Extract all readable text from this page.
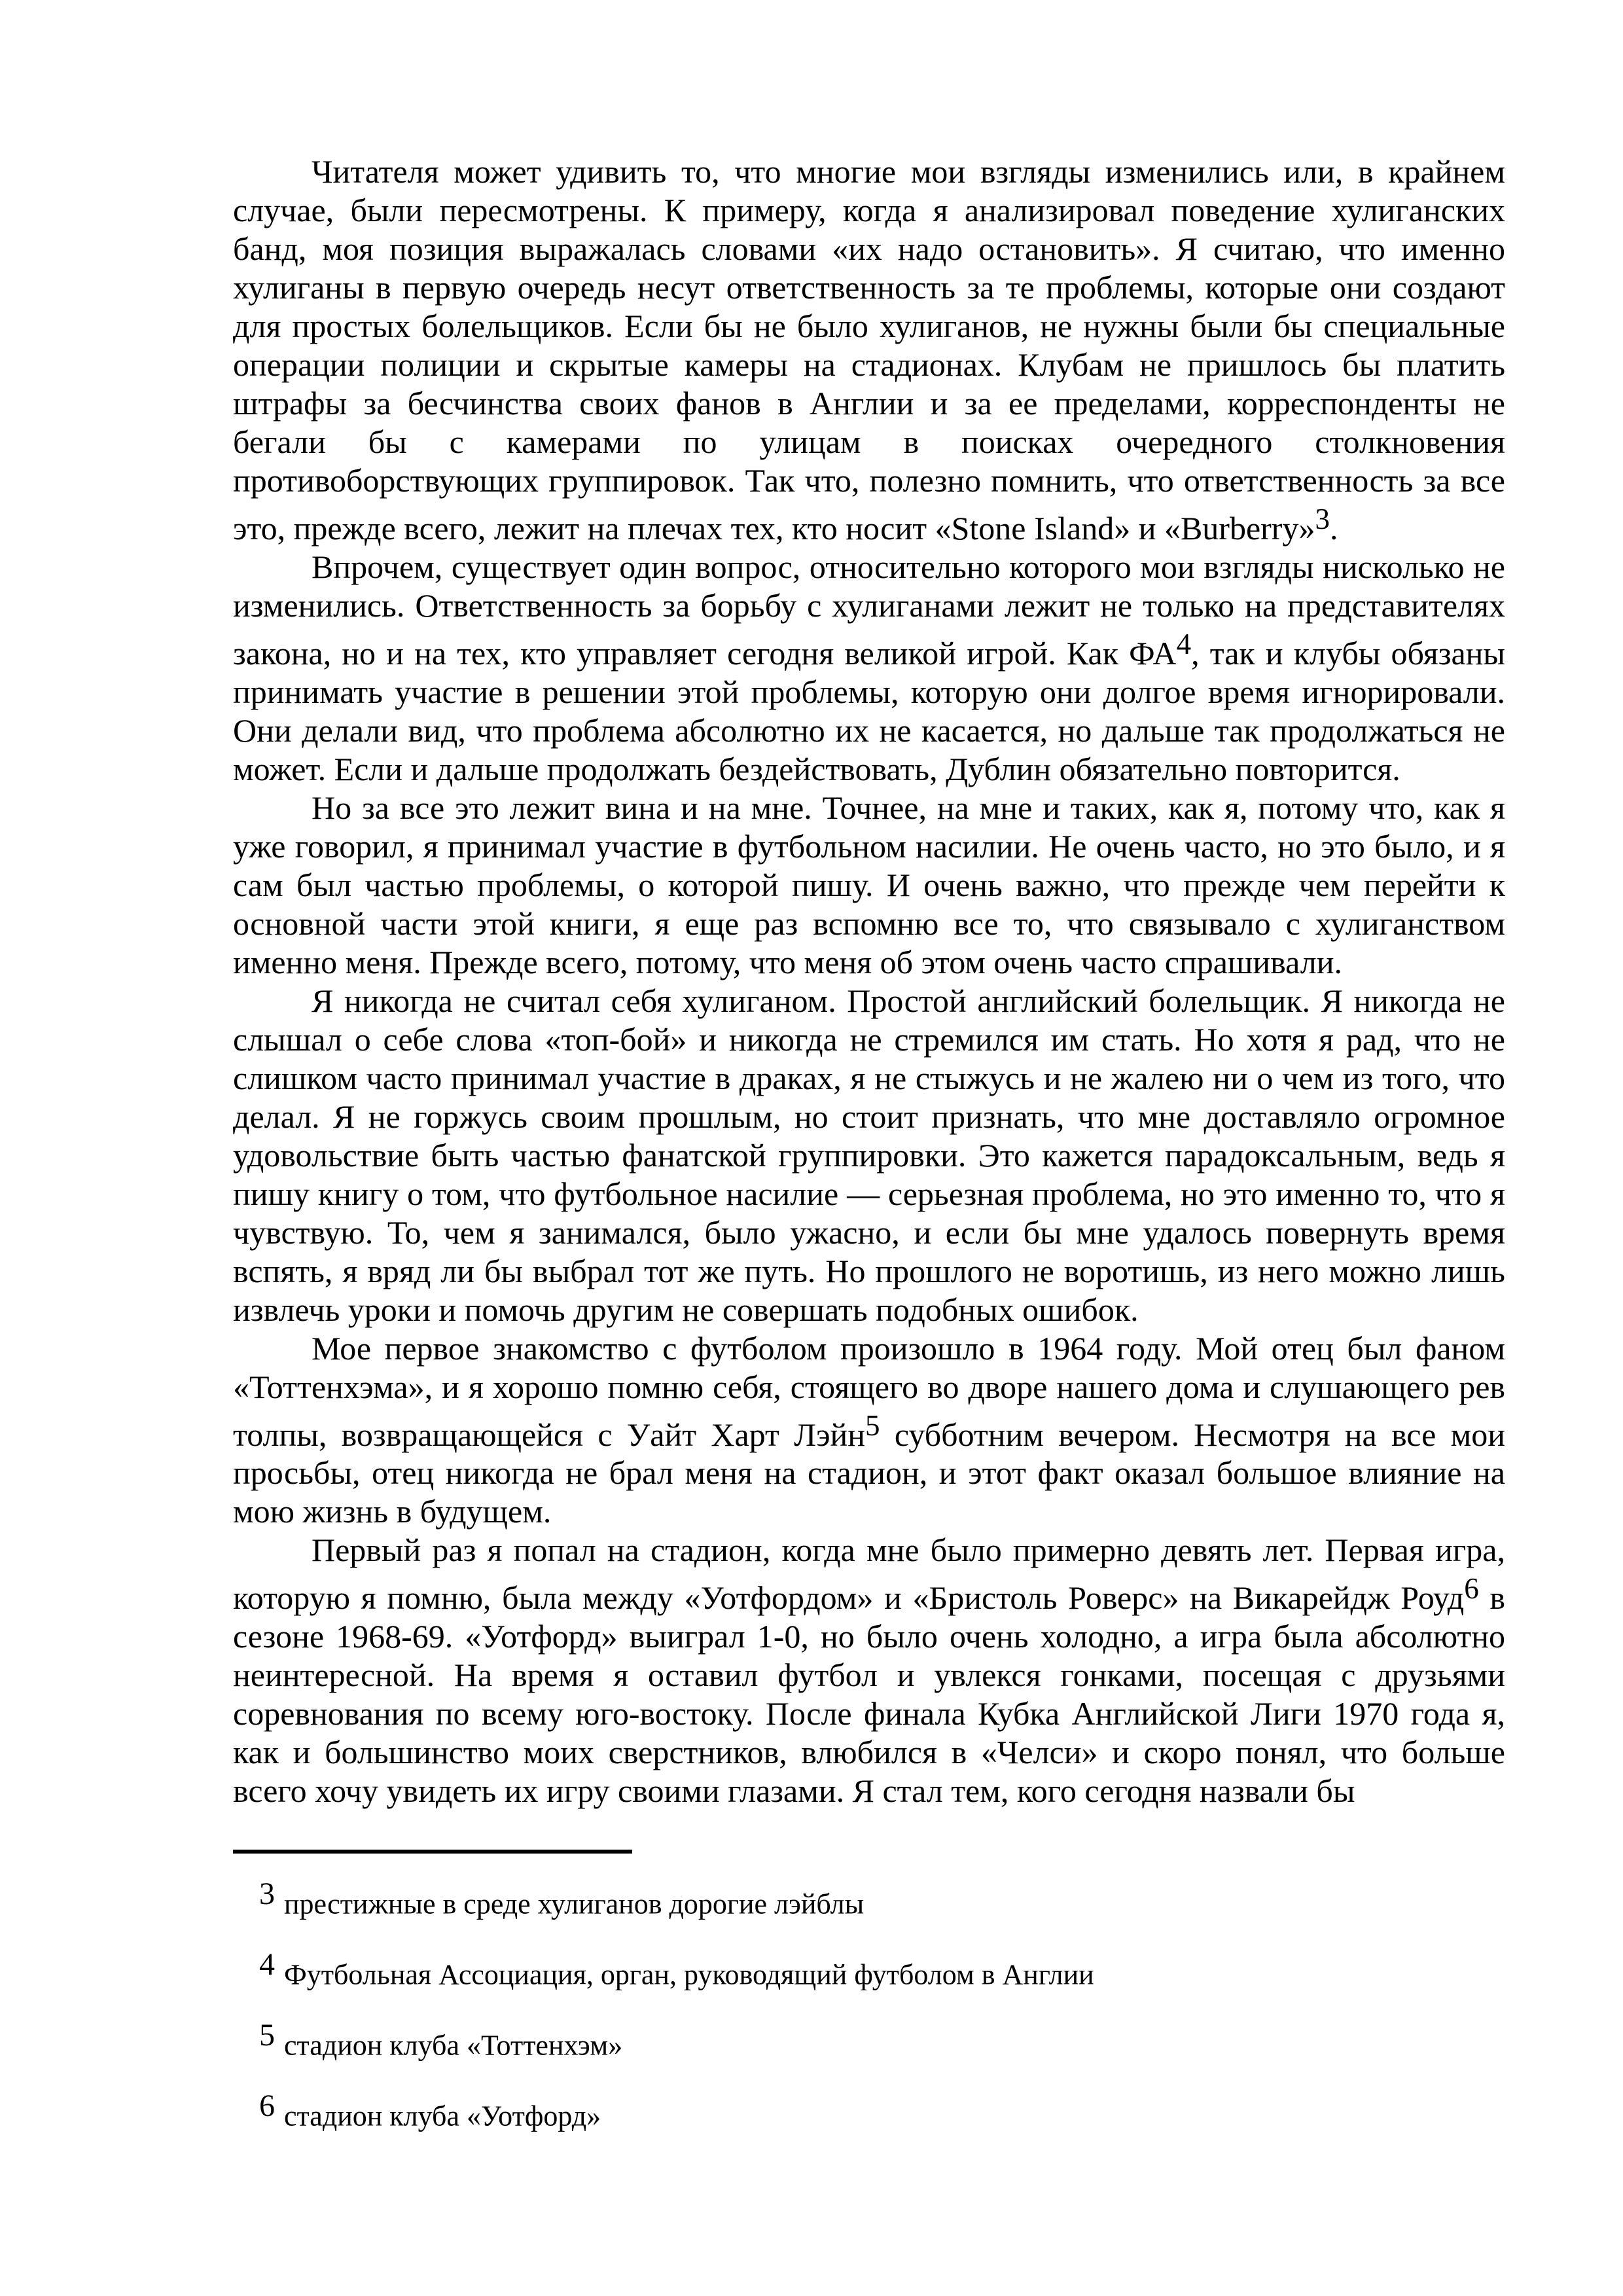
Читателя может удивить то, что многие мои взгляды изменились или, в крайнем случае, были пересмотрены. К примеру, когда я анализировал поведение хулиганских банд, моя позиция выражалась словами «их надо остановить». Я считаю, что именно хулиганы в первую очередь несут ответственность за те проблемы, которые они создают для простых болельщиков. Если бы не было хулиганов, не нужны были бы специальные операции полиции и скрытые камеры на стадионах. Клубам не пришлось бы платить штрафы за бесчинства своих фанов в Англии и за ее пределами, корреспонденты не бегали бы с камерами по улицам в поисках очередного столкновения противоборствующих группировок. Так что, полезно помнить, что ответственность за все это, прежде всего, лежит на плечах тех, кто носит «Stone Island» и «Burberry»$^3$.

Впрочем, существует один вопрос, относительно которого мои взгляды нисколько не изменились. Ответственность за борьбу с хулиганами лежит не только на представителях закона, но и на тех, кто управляет сегодня великой игрой. Как ФА$^4$, так и клубы обязаны принимать участие в решении этой проблемы, которую они долгое время игнорировали. Они делали вид, что проблема абсолютно их не касается, но дальше так продолжаться не может. Если и дальше продолжать бездействовать, Дублин обязательно повторится.

Но за все это лежит вина и на мне. Точнее, на мне и таких, как я, потому что, как я уже говорил, я принимал участие в футбольном насилии. Не очень часто, но это было, и я сам был частью проблемы, о которой пишу. И очень важно, что прежде чем перейти к основной части этой книги, я еще раз вспомню все то, что связывало с хулиганством именно меня. Прежде всего, потому, что меня об этом очень часто спрашивали.

Я никогда не считал себя хулиганом. Простой английский болельщик. Я никогда не слышал о себе слова «топ-бой» и никогда не стремился им стать. Но хотя я рад, что не слишком часто принимал участие в драках, я не стыжусь и не жалею ни о чем из того, что делал. Я не горжусь своим прошлым, но стоит признать, что мне доставляло огромное удовольствие быть частью фанатской группировки. Это кажется парадоксальным, ведь я пишу книгу о том, что футбольное насилие — серьезная проблема, но это именно то, что я чувствую. То, чем я занимался, было ужасно, и если бы мне удалось повернуть время вспять, я вряд ли бы выбрал тот же путь. Но прошлого не воротишь, из него можно лишь извлечь уроки и помочь другим не совершать подобных ошибок.

Мое первое знакомство с футболом произошло в 1964 году. Мой отец был фаном «Тоттенхэма», и я хорошо помню себя, стоящего во дворе нашего дома и слушающего рев толпы, возвращающейся с Уайт Харт Лэйн$^5$ субботним вечером. Несмотря на все мои просьбы, отец никогда не брал меня на стадион, и этот факт оказал большое влияние на мою жизнь в будущем.

Первый раз я попал на стадион, когда мне было примерно девять лет. Первая игра, которую я помню, была между «Уотфордом» и «Бристоль Роверс» на Викарейдж Роуд$^6$ в сезоне 1968-69. «Уотфорд» выиграл 1-0, но было очень холодно, а игра была абсолютно неинтересной. На время я оставил футбол и увлекся гонками, посещая с друзьями соревнования по всему юго-востоку. После финала Кубка Английской Лиги 1970 года я, как и большинство моих сверстников, влюбился в «Челси» и скоро понял, что больше всего хочу увидеть их игру своими глазами. Я стал тем, кого сегодня назвали бы

$^3$ престижные в среде хулиганов дорогие лэйблы
$^4$ Футбольная Ассоциация, орган, руководящий футболом в Англии
$^5$ стадион клуба «Тоттенхэм»
$^6$ стадион клуба «Уотфорд»
